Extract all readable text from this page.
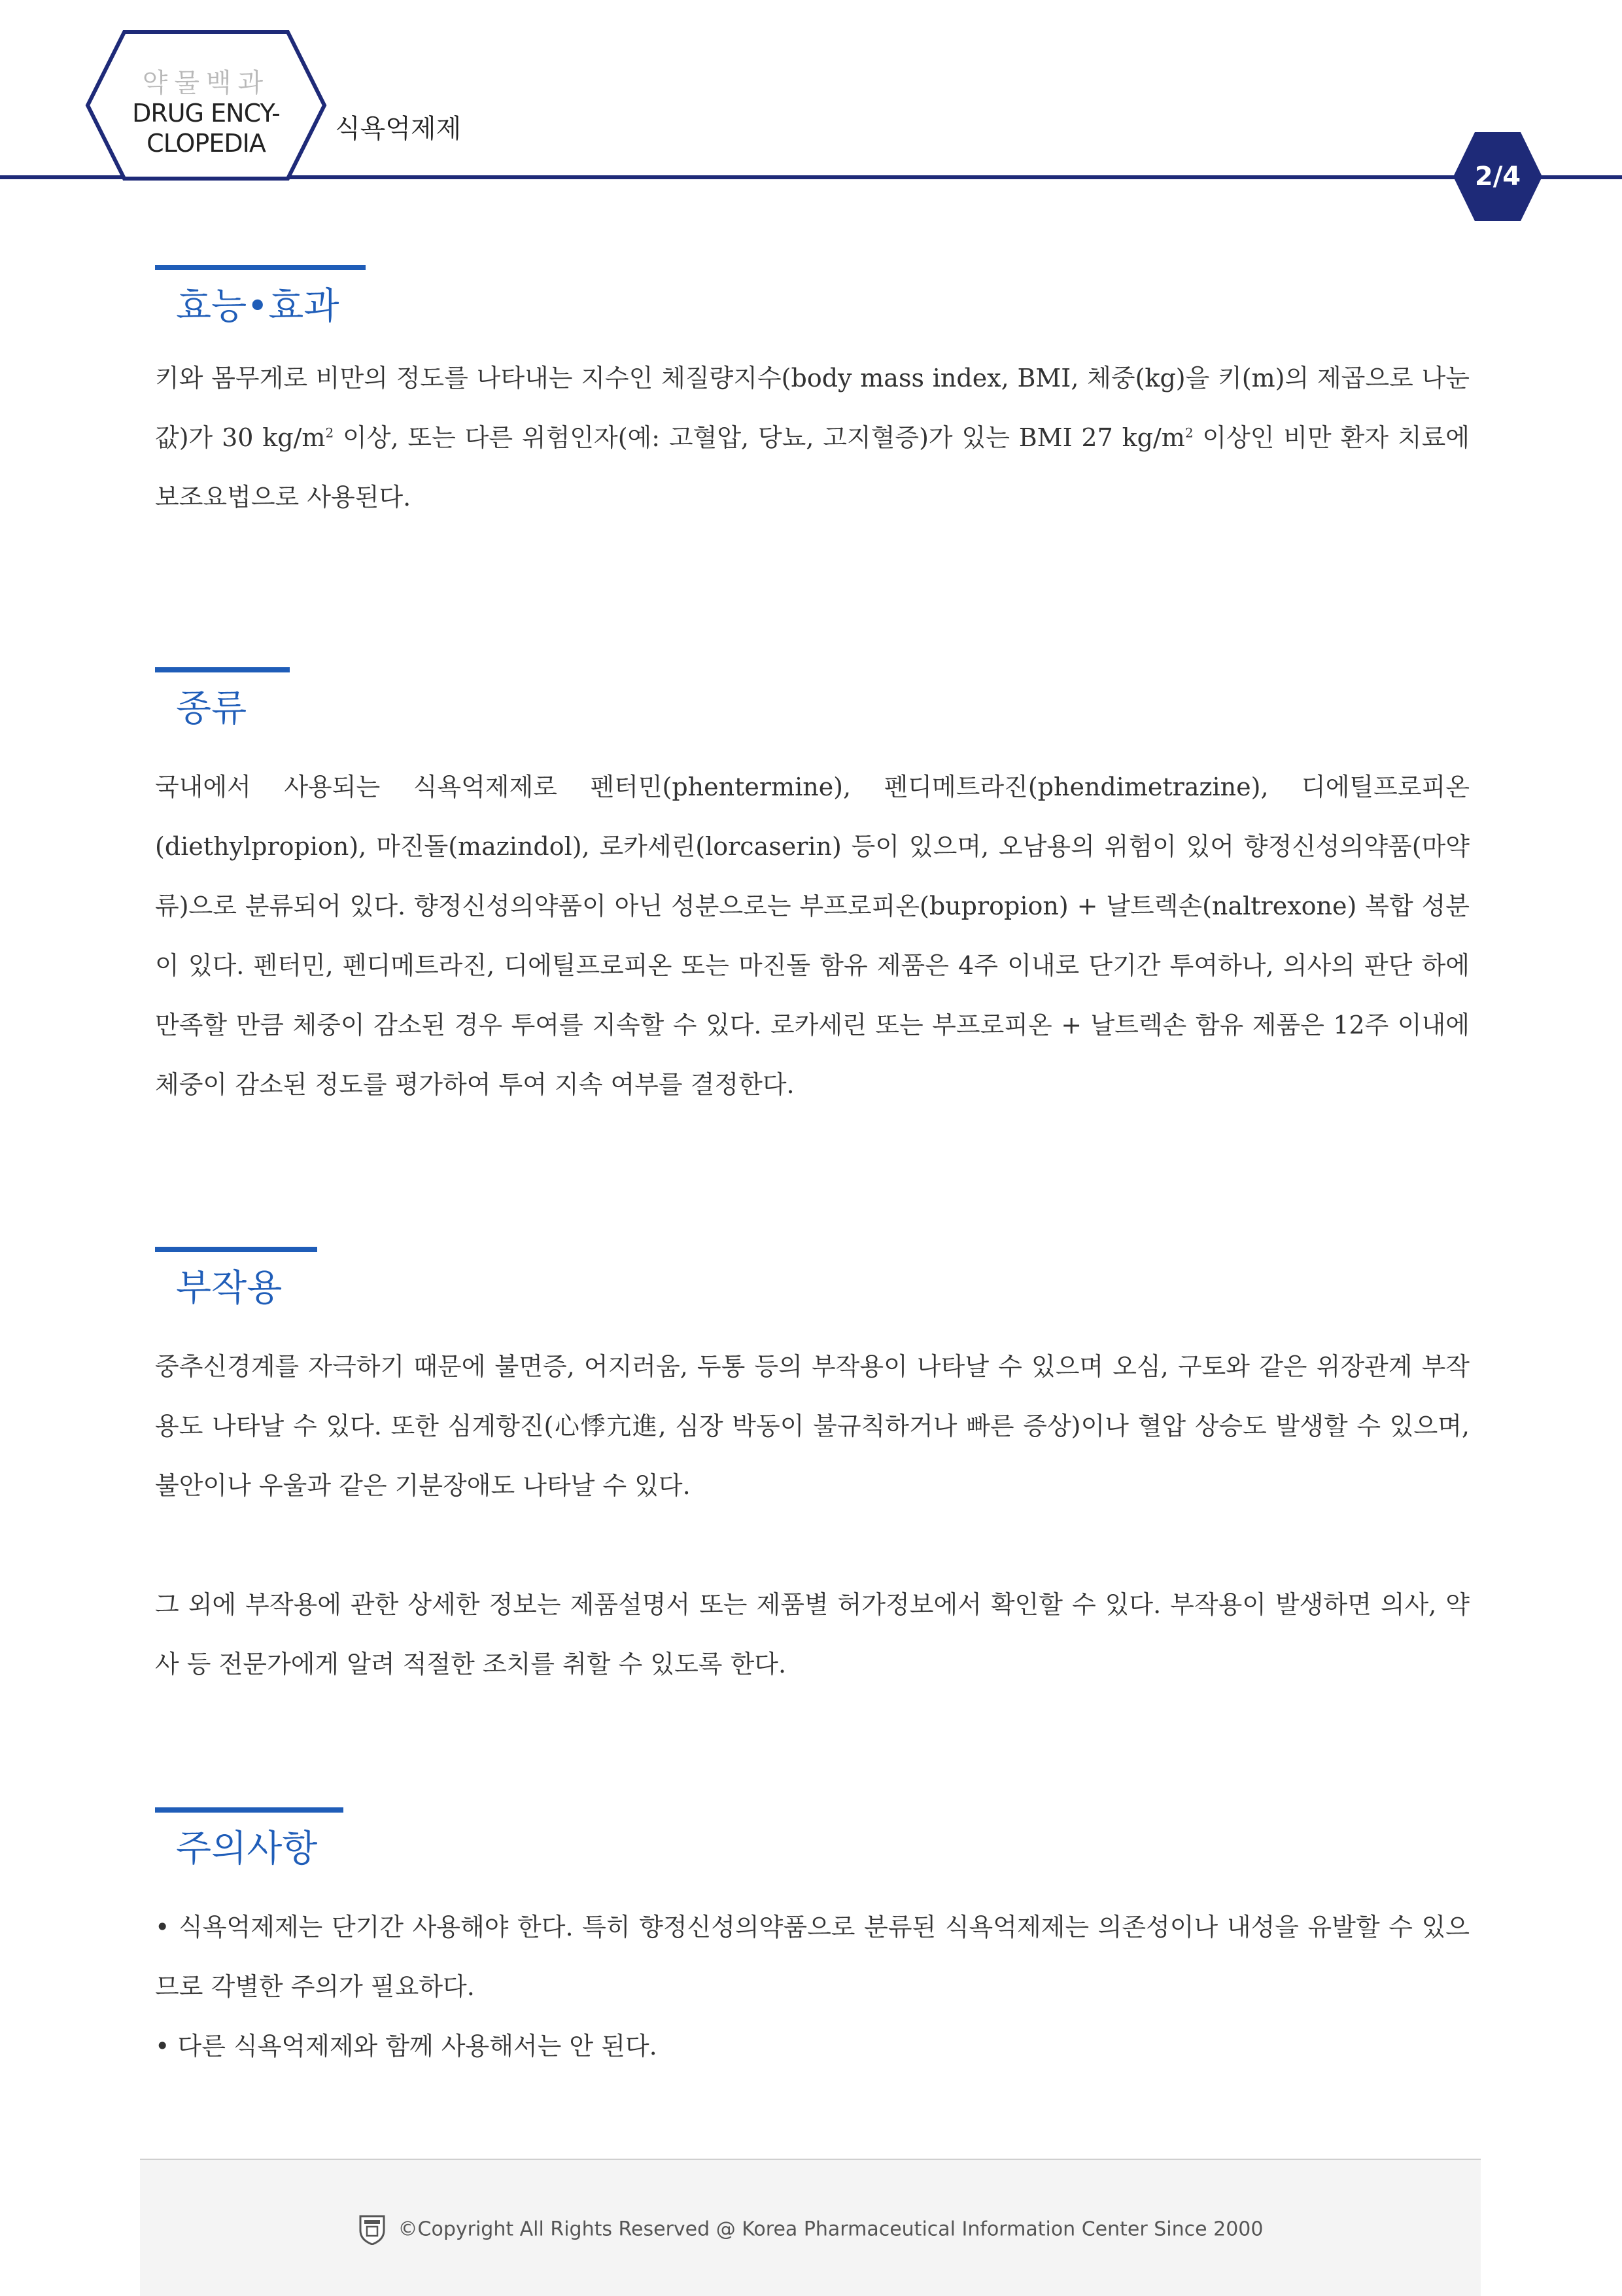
약물백과
DRUG ENCY-
CLOPEDIA	식욕억제제
2/4
효능•효과

키와 몸무게로 비만의 정도를 나타내는 지수인 체질량지수(body mass index, BMI, 체중(kg)을 키(m)의 제곱으로 나눈 값)가 30 $kg/m^2$ 이상, 또는 다른 위험인자(예: 고혈압, 당뇨, 고지혈증)가 있는 BMI 27 $kg/m^2$ 이상인 비만 환자 치료에 보조요법으로 사용된다.

종류

국내에서 사용되는 식욕억제제로 펜터민(phentermine), 펜디메트라진(phendimetrazine), 디에틸프로피온(diethylpropion), 마진돌(mazindol), 로카세린(lorcaserin) 등이 있으며, 오남용의 위험이 있어 향정신성의약품(마약류)으로 분류되어 있다. 향정신성의약품이 아닌 성분으로는 부프로피온(bupropion) + 날트렉손(naltrexone) 복합 성분이 있다. 펜터민, 펜디메트라진, 디에틸프로피온 또는 마진돌 함유 제품은 4주 이내로 단기간 투여하나, 의사의 판단 하에 만족할 만큼 체중이 감소된 경우 투여를 지속할 수 있다. 로카세린 또는 부프로피온 + 날트렉손 함유 제품은 12주 이내에 체중이 감소된 정도를 평가하여 투여 지속 여부를 결정한다.

부작용

중추신경계를 자극하기 때문에 불면증, 어지러움, 두통 등의 부작용이 나타날 수 있으며 오심, 구토와 같은 위장관계 부작용도 나타날 수 있다. 또한 심계항진(心悸亢進, 심장 박동이 불규칙하거나 빠른 증상)이나 혈압 상승도 발생할 수 있으며, 불안이나 우울과 같은 기분장애도 나타날 수 있다.

그 외에 부작용에 관한 상세한 정보는 제품설명서 또는 제품별 허가정보에서 확인할 수 있다. 부작용이 발생하면 의사, 약사 등 전문가에게 알려 적절한 조치를 취할 수 있도록 한다.

주의사항

• 식욕억제제는 단기간 사용해야 한다. 특히 향정신성의약품으로 분류된 식욕억제제는 의존성이나 내성을 유발할 수 있으므로 각별한 주의가 필요하다.

• 다른 식욕억제제와 함께 사용해서는 안 된다.

©Copyright All Rights Reserved @ Korea Pharmaceutical Information Center Since 2000
